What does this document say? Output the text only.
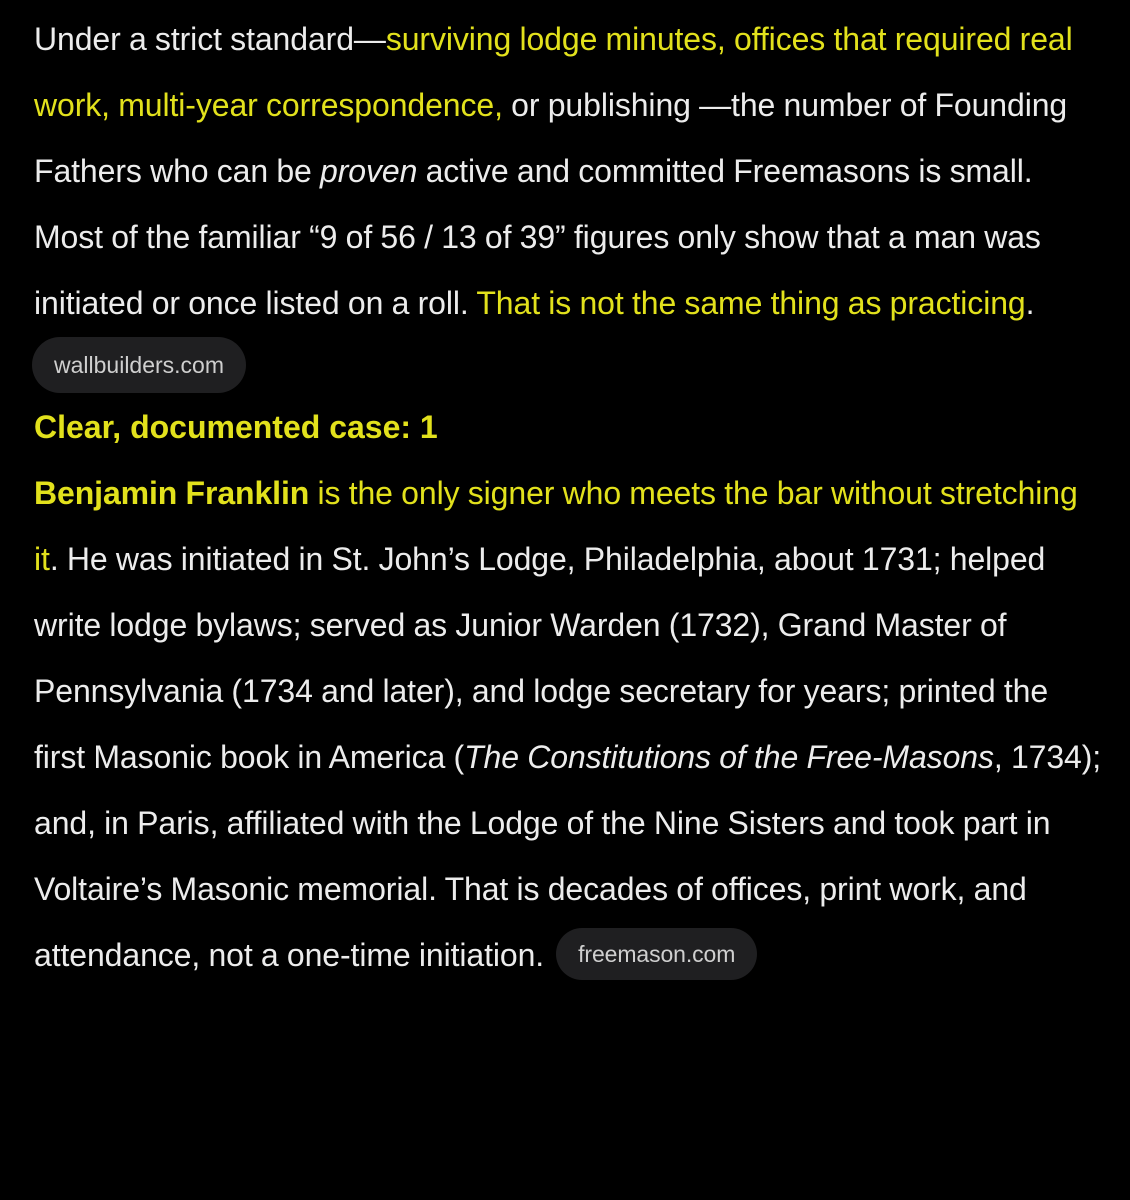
Under a strict standard—surviving lodge minutes, offices that required real work, multi-year correspondence, or publishing —the number of Founding Fathers who can be proven active and committed Freemasons is small. Most of the familiar “9 of 56 / 13 of 39” figures only show that a man was initiated or once listed on a roll. That is not the same thing as practicing.

wallbuilders.com

Clear, documented case: 1

Benjamin Franklin is the only signer who meets the bar without stretching it. He was initiated in St. John’s Lodge, Philadelphia, about 1731; helped write lodge bylaws; served as Junior Warden (1732), Grand Master of Pennsylvania (1734 and later), and lodge secretary for years; printed the first Masonic book in America (The Constitutions of the Free-Masons, 1734); and, in Paris, affiliated with the Lodge of the Nine Sisters and took part in Voltaire’s Masonic memorial. That is decades of offices, print work, and attendance, not a one-time initiation. freemason.com
